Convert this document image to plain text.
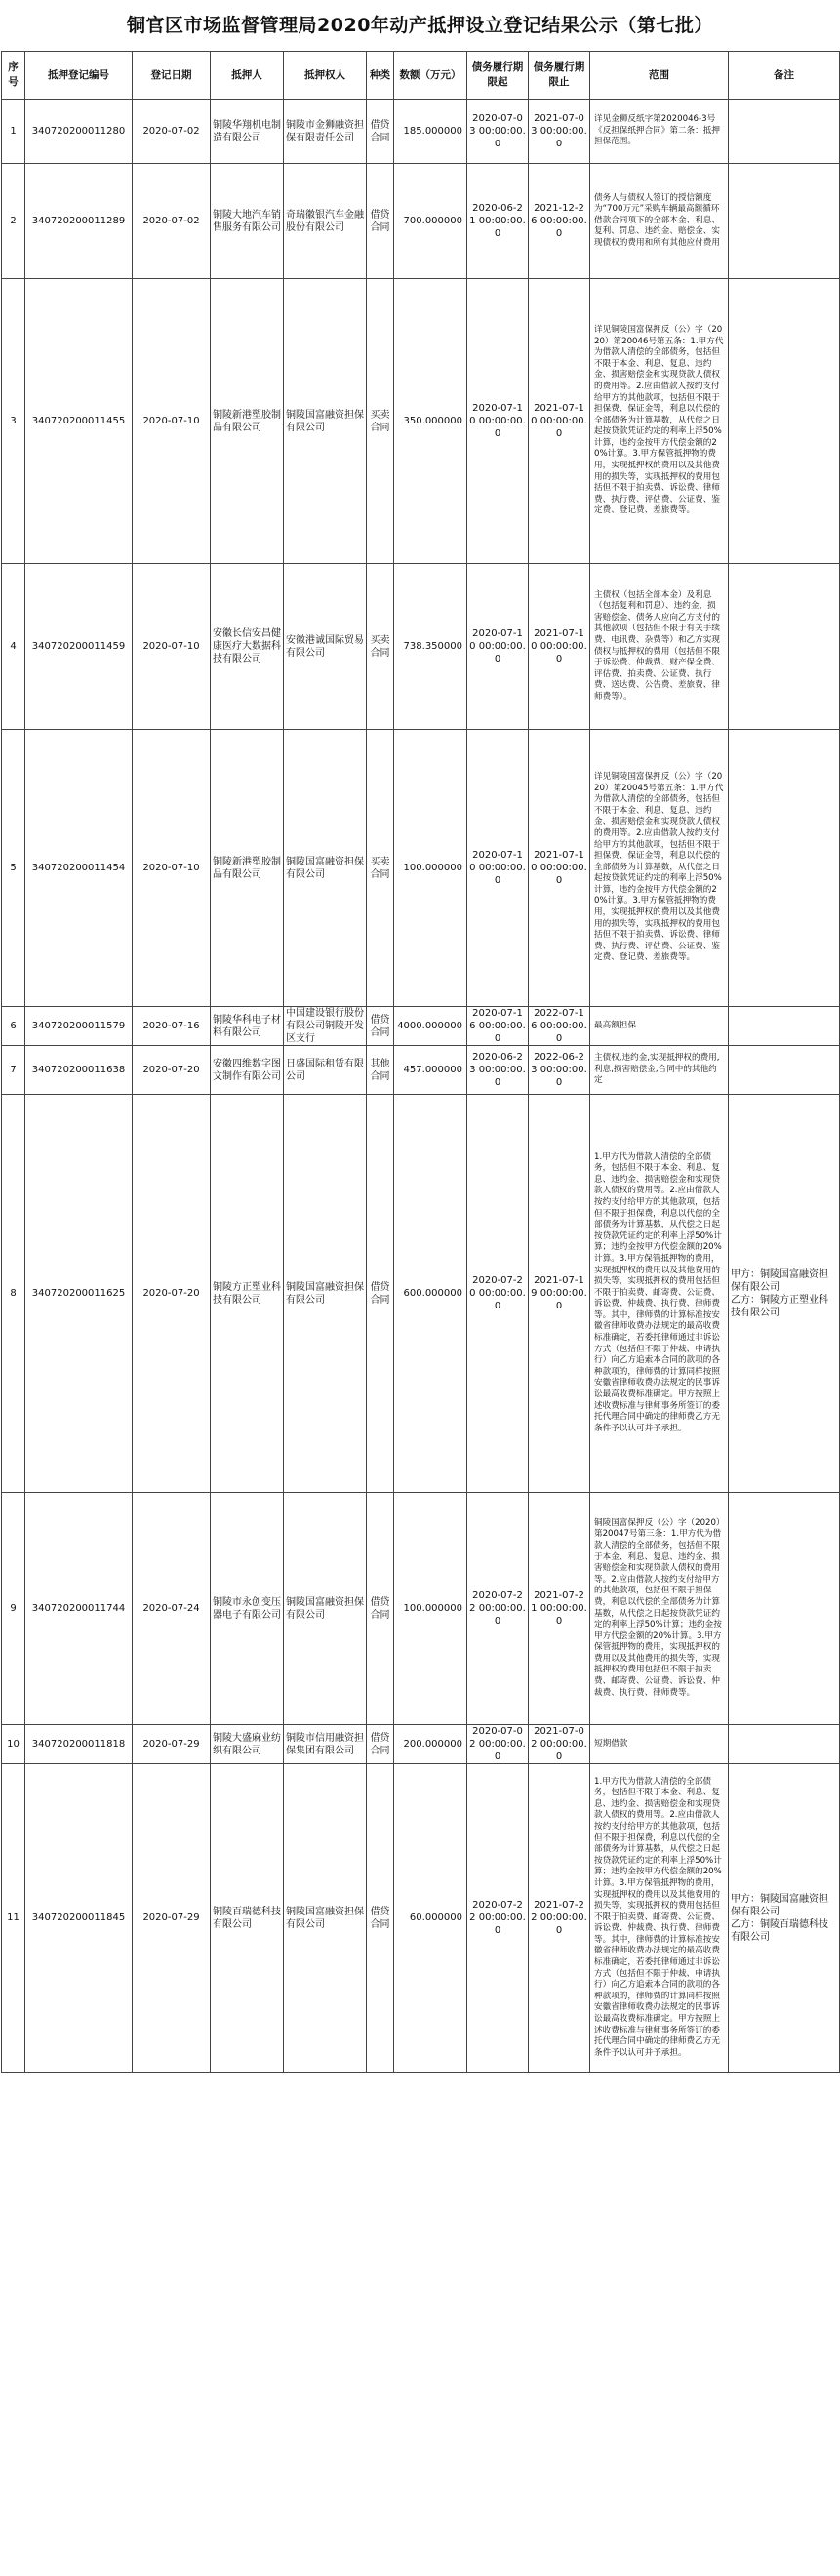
铜官区市场监督管理局2020年动产抵押设立登记结果公示（第七批）
序号	抵押登记编号	登记日期	抵押人	抵押权人	种类	数额（万元）	债务履行期限起	债务履行期限止	范围	备注
1	340720200011280	2020-07-02	铜陵华翔机电制造有限公司	铜陵市金狮融资担保有限责任公司	借贷合同	185.000000	2020-07-03 00:00:00.0	2021-07-03 00:00:00.0	详见金狮反纸字第2020046-3号《反担保纸押合同》第二条：抵押担保范围。	
2	340720200011289	2020-07-02	铜陵大地汽车销售服务有限公司	奇瑞徽银汽车金融股份有限公司	借贷合同	700.000000	2020-06-21 00:00:00.0	2021-12-26 00:00:00.0	债务人与债权人签订的授信额度为“700万元”采购车辆最高额循环借款合同项下的全部本金、利息、复利、罚息、违约金、赔偿金、实现债权的费用和所有其他应付费用	
3	340720200011455	2020-07-10	铜陵新港塑胶制品有限公司	铜陵国富融资担保有限公司	买卖合同	350.000000	2020-07-10 00:00:00.0	2021-07-10 00:00:00.0	详见铜陵国富保押反（公）字（2020）第20046号第五条：1.甲方代为借款人清偿的全部债务，包括但不限于本金、利息、复息、违约金、损害赔偿金和实现贷款人债权的费用等。2.应由借款人按约支付给甲方的其他款项，包括但不限于担保费、保证金等，利息以代偿的全部债务为计算基数，从代偿之日起按贷款凭证约定的利率上浮50%计算，违约金按甲方代偿金额的20%计算。3.甲方保管抵押物的费用，实现抵押权的费用以及其他费用的损失等，实现抵押权的费用包括但不限于拍卖费、诉讼费、律师费、执行费、评估费、公证费、鉴定费、登记费、差旅费等。	
4	340720200011459	2020-07-10	安徽长信安昌健康医疗大数据科技有限公司	安徽港诚国际贸易有限公司	买卖合同	738.350000	2020-07-10 00:00:00.0	2021-07-10 00:00:00.0	主债权（包括全部本金）及利息（包括复利和罚息）、违约金、损害赔偿金、债务人应向乙方支付的其他款项（包括但不限于有关手续费、电讯费、杂费等）和乙方实现债权与抵押权的费用（包括但不限于诉讼费、仲裁费、财产保全费、评估费、拍卖费、公证费、执行费、送达费、公告费、差旅费、律师费等）。	
5	340720200011454	2020-07-10	铜陵新港塑胶制品有限公司	铜陵国富融资担保有限公司	买卖合同	100.000000	2020-07-10 00:00:00.0	2021-07-10 00:00:00.0	详见铜陵国富保押反（公）字（2020）第20045号第五条：1.甲方代为借款人清偿的全部债务，包括但不限于本金、利息、复息、违约金、损害赔偿金和实现贷款人债权的费用等。2.应由借款人按约支付给甲方的其他款项，包括但不限于担保费、保证金等，利息以代偿的全部债务为计算基数，从代偿之日起按贷款凭证约定的利率上浮50%计算，违约金按甲方代偿金额的20%计算。3.甲方保管抵押物的费用，实现抵押权的费用以及其他费用的损失等，实现抵押权的费用包括但不限于拍卖费、诉讼费、律师费、执行费、评估费、公证费、鉴定费、登记费、差旅费等。	
6	340720200011579	2020-07-16	铜陵华科电子材料有限公司	中国建设银行股份有限公司铜陵开发区支行	借贷合同	4000.000000	2020-07-16 00:00:00.0	2022-07-16 00:00:00.0	最高额担保	
7	340720200011638	2020-07-20	安徽四维数字图文制作有限公司	日盛国际租赁有限公司	其他合同	457.000000	2020-06-23 00:00:00.0	2022-06-23 00:00:00.0	主债权,违约金,实现抵押权的费用,利息,损害赔偿金,合同中的其他约定	
8	340720200011625	2020-07-20	铜陵方正塑业科技有限公司	铜陵国富融资担保有限公司	借贷合同	600.000000	2020-07-20 00:00:00.0	2021-07-19 00:00:00.0	1.甲方代为借款人清偿的全部债务，包括但不限于本金、利息、复息、违约金、损害赔偿金和实现贷款人债权的费用等。2.应由借款人按约支付给甲方的其他款项，包括但不限于担保费，利息以代偿的全部债务为计算基数，从代偿之日起按贷款凭证约定的利率上浮50%计算；违约金按甲方代偿金额的20%计算。3.甲方保管抵押物的费用，实现抵押权的费用以及其他费用的损失等，实现抵押权的费用包括但不限于拍卖费、邮寄费、公证费、诉讼费、仲裁费、执行费、律师费等。其中，律师费的计算标准按安徽省律师收费办法规定的最高收费标准确定，若委托律师通过非诉讼方式（包括但不限于仲裁、申请执行）向乙方追索本合同的款项的各种款项的，律师费的计算同样按照安徽省律师收费办法规定的民事诉讼最高收费标准确定。甲方按照上述收费标准与律师事务所签订的委托代理合同中确定的律师费乙方无条件予以认可并予承担。	甲方：铜陵国富融资担保有限公司
乙方：铜陵方正塑业科技有限公司
9	340720200011744	2020-07-24	铜陵市永创变压器电子有限公司	铜陵国富融资担保有限公司	借贷合同	100.000000	2020-07-22 00:00:00.0	2021-07-21 00:00:00.0	铜陵国富保押反（公）字（2020）第20047号第三条：1.甲方代为借款人清偿的全部债务，包括但不限于本金、利息、复息、违约金、损害赔偿金和实现贷款人债权的费用等。2.应由借款人按约支付给甲方的其他款项，包括但不限于担保费，利息以代偿的全部债务为计算基数，从代偿之日起按贷款凭证约定的利率上浮50%计算；违约金按甲方代偿金额的20%计算。3.甲方保管抵押物的费用，实现抵押权的费用以及其他费用的损失等，实现抵押权的费用包括但不限于拍卖费、邮寄费、公证费、诉讼费、仲裁费、执行费、律师费等。	
10	340720200011818	2020-07-29	铜陵大盛麻业纺织有限公司	铜陵市信用融资担保集团有限公司	借贷合同	200.000000	2020-07-02 00:00:00.0	2021-07-02 00:00:00.0	短期借款	
11	340720200011845	2020-07-29	铜陵百瑞德科技有限公司	铜陵国富融资担保有限公司	借贷合同	60.000000	2020-07-22 00:00:00.0	2021-07-22 00:00:00.0	1.甲方代为借款人清偿的全部债务，包括但不限于本金、利息、复息、违约金、损害赔偿金和实现贷款人债权的费用等。2.应由借款人按约支付给甲方的其他款项，包括但不限于担保费，利息以代偿的全部债务为计算基数，从代偿之日起按贷款凭证约定的利率上浮50%计算；违约金按甲方代偿金额的20%计算。3.甲方保管抵押物的费用，实现抵押权的费用以及其他费用的损失等，实现抵押权的费用包括但不限于拍卖费、邮寄费、公证费、诉讼费、仲裁费、执行费、律师费等。其中，律师费的计算标准按安徽省律师收费办法规定的最高收费标准确定，若委托律师通过非诉讼方式（包括但不限于仲裁、申请执行）向乙方追索本合同的款项的各种款项的，律师费的计算同样按照安徽省律师收费办法规定的民事诉讼最高收费标准确定。甲方按照上述收费标准与律师事务所签订的委托代理合同中确定的律师费乙方无条件予以认可并予承担。	甲方：铜陵国富融资担保有限公司
乙方：铜陵百瑞德科技有限公司
